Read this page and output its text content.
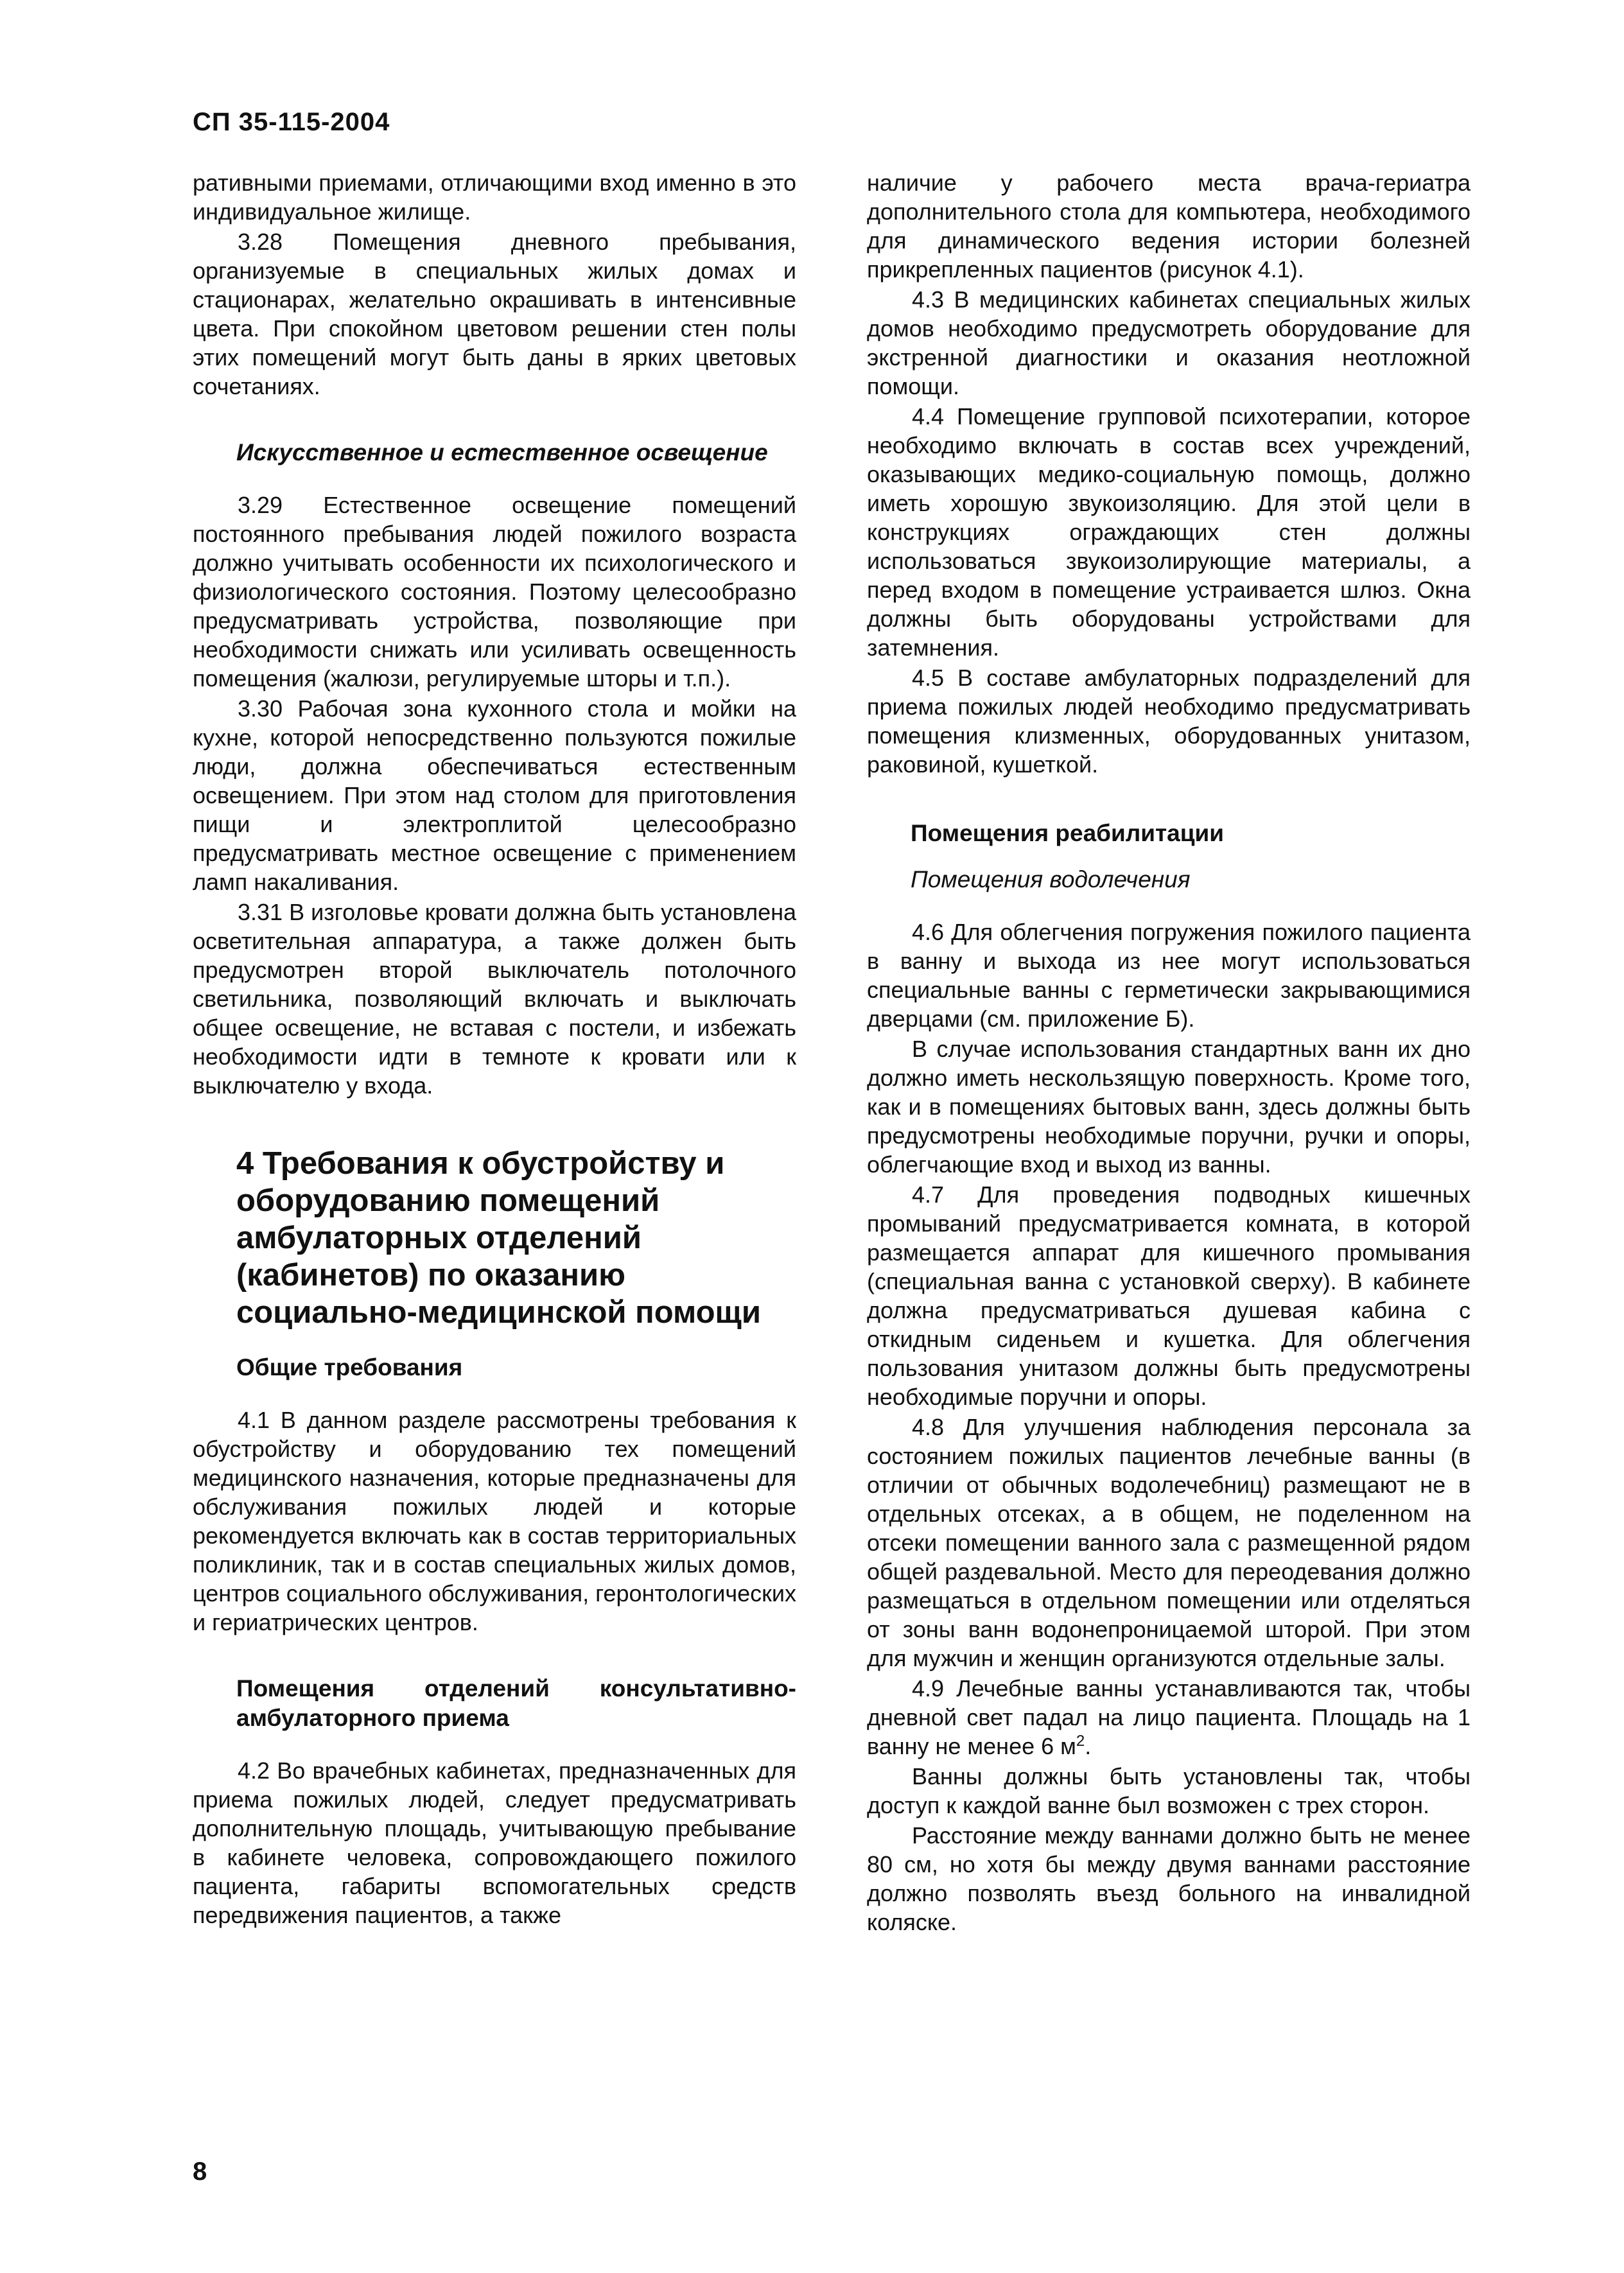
СП 35-115-2004

ративными приемами, отличающими вход именно в это индивидуальное жилище.

3.28 Помещения дневного пребывания, организуемые в специальных жилых домах и стационарах, желательно окрашивать в интенсивные цвета. При спокойном цветовом решении стен полы этих помещений могут быть даны в ярких цветовых сочетаниях.

Искусственное и естественное освещение

3.29 Естественное освещение помещений постоянного пребывания людей пожилого возраста должно учитывать особенности их психологического и физиологического состояния. Поэтому целесообразно предусматривать устройства, позволяющие при необходимости снижать или усиливать освещенность помещения (жалюзи, регулируемые шторы и т.п.).

3.30 Рабочая зона кухонного стола и мойки на кухне, которой непосредственно пользуются пожилые люди, должна обеспечиваться естественным освещением. При этом над столом для приготовления пищи и электроплитой целесообразно предусматривать местное освещение с применением ламп накаливания.

3.31 В изголовье кровати должна быть установлена осветительная аппаратура, а также должен быть предусмотрен второй выключатель потолочного светильника, позволяющий включать и выключать общее освещение, не вставая с постели, и избежать необходимости идти в темноте к кровати или к выключателю у входа.

4 Требования к обустройству и оборудованию помещений амбулаторных отделений (кабинетов) по оказанию социально-медицинской помощи
Общие требования

4.1 В данном разделе рассмотрены требования к обустройству и оборудованию тех помещений медицинского назначения, которые предназначены для обслуживания пожилых людей и которые рекомендуется включать как в состав территориальных поликлиник, так и в состав специальных жилых домов, центров социального обслуживания, геронтологических и гериатрических центров.

Помещения отделений консультативно-амбулаторного приема

4.2 Во врачебных кабинетах, предназначенных для приема пожилых людей, следует предусматривать дополнительную площадь, учитывающую пребывание в кабинете человека, сопровождающего пожилого пациента, габариты вспомогательных средств передвижения пациентов, а также

наличие у рабочего места врача-гериатра дополнительного стола для компьютера, необходимого для динамического ведения истории болезней прикрепленных пациентов (рисунок 4.1).

4.3 В медицинских кабинетах специальных жилых домов необходимо предусмотреть оборудование для экстренной диагностики и оказания неотложной помощи.

4.4 Помещение групповой психотерапии, которое необходимо включать в состав всех учреждений, оказывающих медико-социальную помощь, должно иметь хорошую звукоизоляцию. Для этой цели в конструкциях ограждающих стен должны использоваться звукоизолирующие материалы, а перед входом в помещение устраивается шлюз. Окна должны быть оборудованы устройствами для затемнения.

4.5 В составе амбулаторных подразделений для приема пожилых людей необходимо предусматривать помещения клизменных, оборудованных унитазом, раковиной, кушеткой.

Помещения реабилитации
Помещения водолечения

4.6 Для облегчения погружения пожилого пациента в ванну и выхода из нее могут использоваться специальные ванны с герметически закрывающимися дверцами (см. приложение Б).

В случае использования стандартных ванн их дно должно иметь нескользящую поверхность. Кроме того, как и в помещениях бытовых ванн, здесь должны быть предусмотрены необходимые поручни, ручки и опоры, облегчающие вход и выход из ванны.

4.7 Для проведения подводных кишечных промываний предусматривается комната, в которой размещается аппарат для кишечного промывания (специальная ванна с установкой сверху). В кабинете должна предусматриваться душевая кабина с откидным сиденьем и кушетка. Для облегчения пользования унитазом должны быть предусмотрены необходимые поручни и опоры.

4.8 Для улучшения наблюдения персонала за состоянием пожилых пациентов лечебные ванны (в отличии от обычных водолечебниц) размещают не в отдельных отсеках, а в общем, не поделенном на отсеки помещении ванного зала с размещенной рядом общей раздевальной. Место для переодевания должно размещаться в отдельном помещении или отделяться от зоны ванн водонепроницаемой шторой. При этом для мужчин и женщин организуются отдельные залы.

4.9 Лечебные ванны устанавливаются так, чтобы дневной свет падал на лицо пациента. Площадь на 1 ванну не менее 6 $м^2$.

Ванны должны быть установлены так, чтобы доступ к каждой ванне был возможен с трех сторон.

Расстояние между ваннами должно быть не менее 80 см, но хотя бы между двумя ваннами расстояние должно позволять въезд больного на инвалидной коляске.

8
